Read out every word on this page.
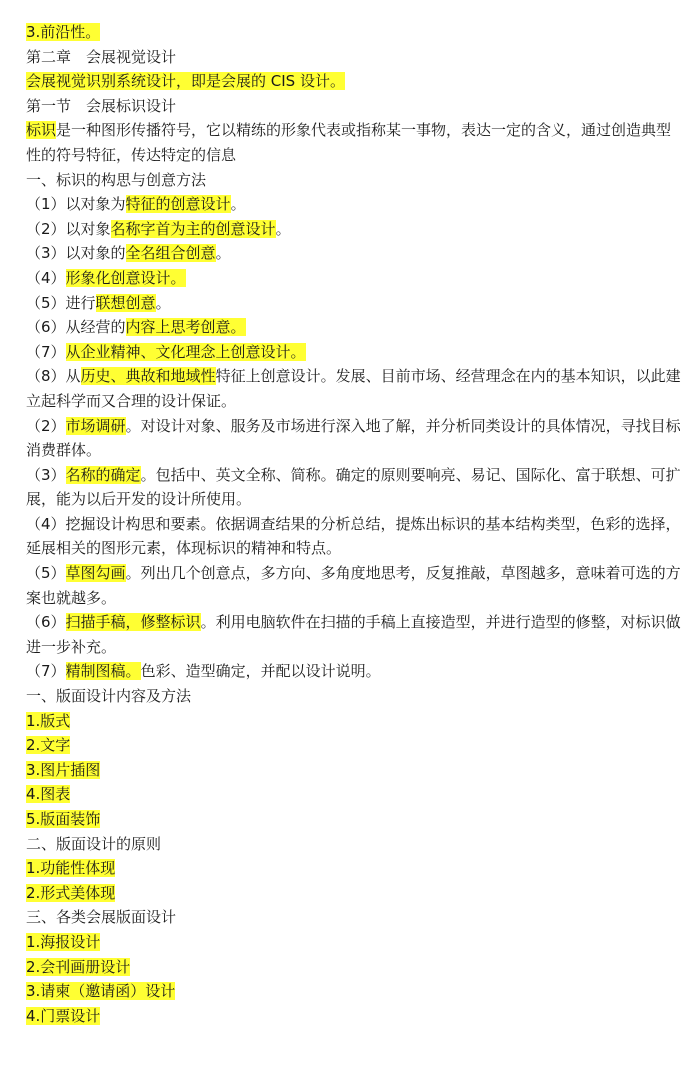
3.前沿性。

第二章　会展视觉设计

会展视觉识别系统设计，即是会展的 CIS 设计。

第一节　会展标识设计

标识是一种图形传播符号，它以精练的形象代表或指称某一事物，表达一定的含义，通过创造典型性的符号特征，传达特定的信息

一、标识的构思与创意方法

（1）以对象为特征的创意设计。

（2）以对象名称字首为主的创意设计。

（3）以对象的全名组合创意。

（4）形象化创意设计。

（5）进行联想创意。

（6）从经营的内容上思考创意。

（7）从企业精神、文化理念上创意设计。

（8）从历史、典故和地域性特征上创意设计。发展、目前市场、经营理念在内的基本知识，以此建立起科学而又合理的设计保证。

（2）市场调研。对设计对象、服务及市场进行深入地了解，并分析同类设计的具体情况，寻找目标消费群体。

（3）名称的确定。包括中、英文全称、简称。确定的原则要响亮、易记、国际化、富于联想、可扩展，能为以后开发的设计所使用。

（4）挖掘设计构思和要素。依据调查结果的分析总结，提炼出标识的基本结构类型，色彩的选择，延展相关的图形元素，体现标识的精神和特点。

（5）草图勾画。列出几个创意点，多方向、多角度地思考，反复推敲，草图越多，意味着可选的方案也就越多。

（6）扫描手稿，修整标识。利用电脑软件在扫描的手稿上直接造型，并进行造型的修整，对标识做进一步补充。

（7）精制图稿。色彩、造型确定，并配以设计说明。

一、版面设计内容及方法

1.版式

2.文字

3.图片插图

4.图表

5.版面装饰

二、版面设计的原则

1.功能性体现

2.形式美体现

三、各类会展版面设计

1.海报设计

2.会刊画册设计

3.请柬（邀请函）设计

4.门票设计
